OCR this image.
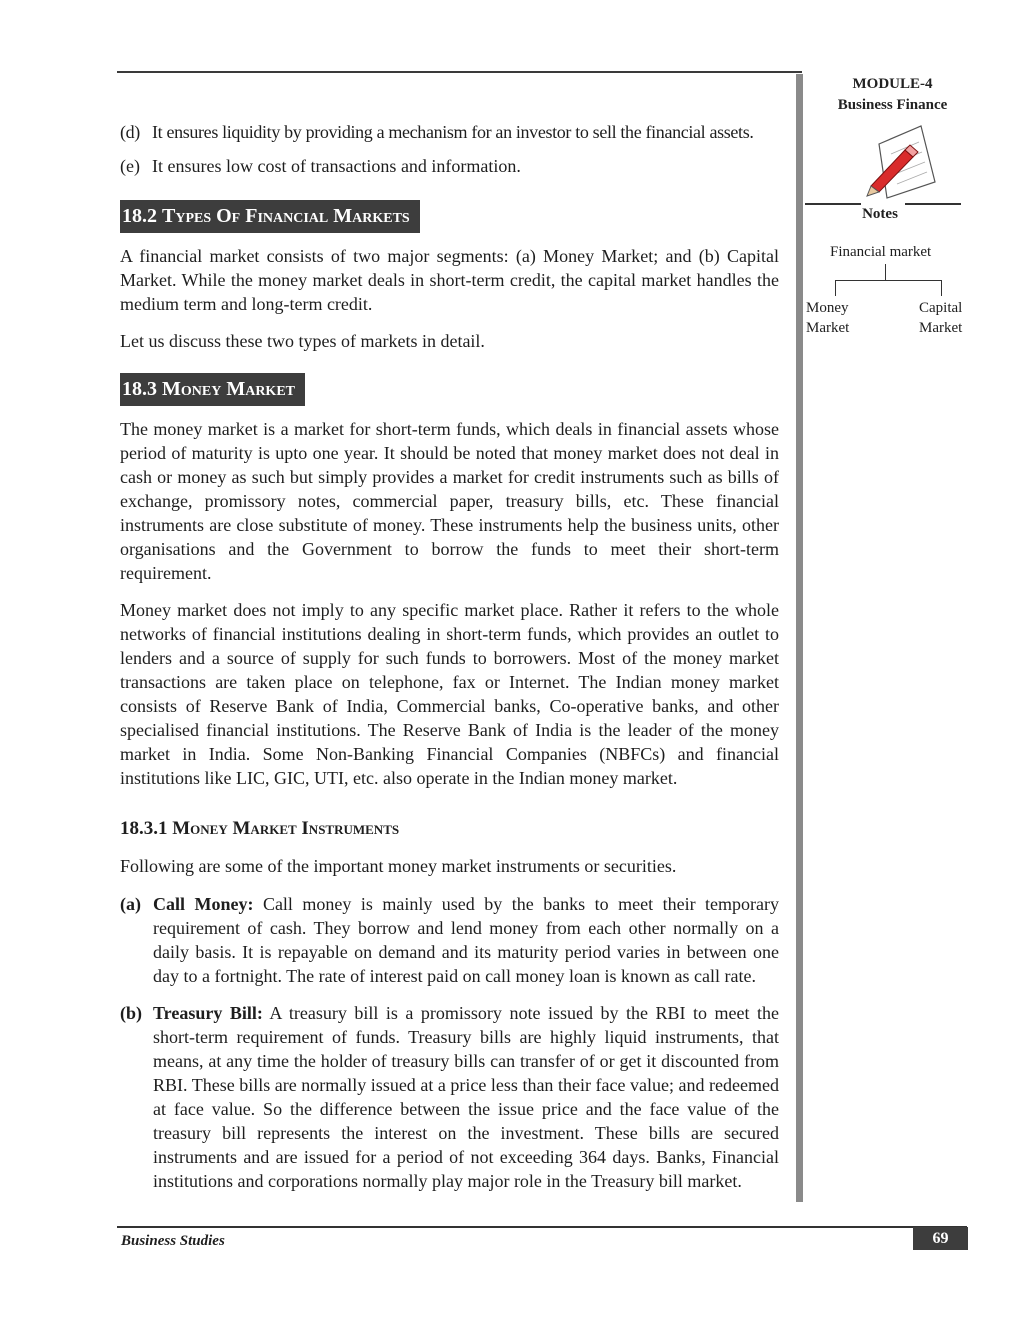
(d) It ensures liquidity by providing a mechanism for an investor to sell the financial assets.
(e) It ensures low cost of transactions and information.
18.2 Types Of Financial Markets

A financial market consists of two major segments: (a) Money Market; and (b) Capital Market. While the money market deals in short-term credit, the capital market handles the medium term and long-term credit.

Let us discuss these two types of markets in detail.

18.3 Money Market

The money market is a market for short-term funds, which deals in financial assets whose period of maturity is upto one year. It should be noted that money market does not deal in cash or money as such but simply provides a market for credit instruments such as bills of exchange, promissory notes, commercial paper, treasury bills, etc. These financial instruments are close substitute of money. These instruments help the business units, other organisations and the Government to borrow the funds to meet their short-term requirement.

Money market does not imply to any specific market place. Rather it refers to the whole networks of financial institutions dealing in short-term funds, which provides an outlet to lenders and a source of supply for such funds to borrowers. Most of the money market transactions are taken place on telephone, fax or Internet. The Indian money market consists of Reserve Bank of India, Commercial banks, Co-operative banks, and other specialised financial institutions. The Reserve Bank of India is the leader of the money market in India. Some Non-Banking Financial Companies (NBFCs) and financial institutions like LIC, GIC, UTI, etc. also operate in the Indian money market.

18.3.1 Money Market Instruments

Following are some of the important money market instruments or securities.

(a) Call Money: Call money is mainly used by the banks to meet their temporary requirement of cash. They borrow and lend money from each other normally on a daily basis. It is repayable on demand and its maturity period varies in between one day to a fortnight. The rate of interest paid on call money loan is known as call rate.
(b) Treasury Bill: A treasury bill is a promissory note issued by the RBI to meet the short-term requirement of funds. Treasury bills are highly liquid instruments, that means, at any time the holder of treasury bills can transfer of or get it discounted from RBI. These bills are normally issued at a price less than their face value; and redeemed at face value. So the difference between the issue price and the face value of the treasury bill represents the interest on the investment. These bills are secured instruments and are issued for a period of not exceeding 364 days. Banks, Financial institutions and corporations normally play major role in the Treasury bill market.
MODULE-4
Business Finance
Notes
Financial market
Money
Market
Capital
Market
Business Studies	69
